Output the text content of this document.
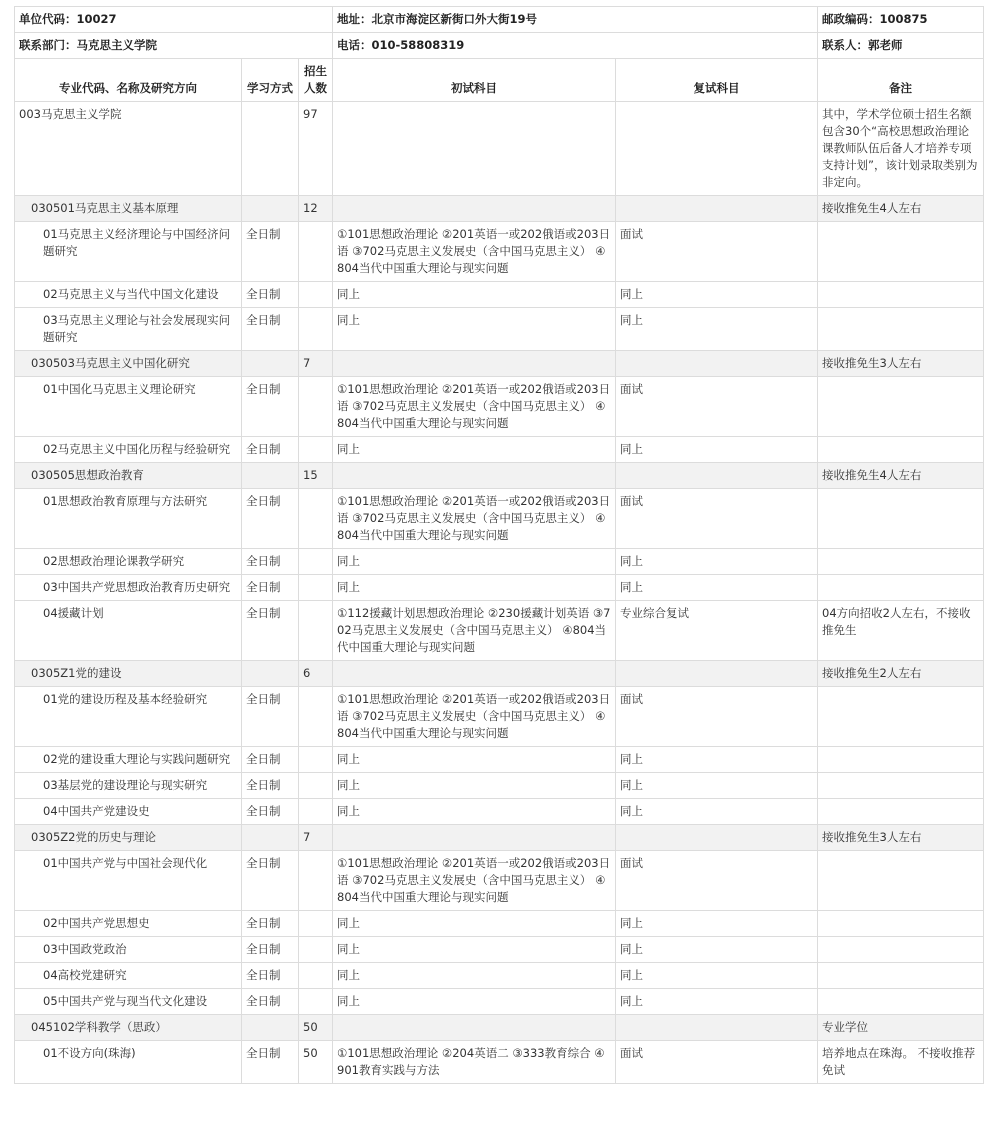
单位代码：10027			地址：北京市海淀区新街口外大街19号		邮政编码：100875
联系部门：马克思主义学院			电话：010-58808319		联系人：郭老师
专业代码、名称及研究方向	学习方式	招生人数	初试科目	复试科目	备注
003马克思主义学院		97			其中，学术学位硕士招生名额包含30个“高校思想政治理论课教师队伍后备人才培养专项支持计划”，该计划录取类别为非定向。
030501马克思主义基本原理		12			接收推免生4人左右
01马克思主义经济理论与中国经济问题研究	全日制		①101思想政治理论 ②201英语一或202俄语或203日语 ③702马克思主义发展史（含中国马克思主义） ④804当代中国重大理论与现实问题	面试	
02马克思主义与当代中国文化建设	全日制		同上	同上	
03马克思主义理论与社会发展现实问题研究	全日制		同上	同上	
030503马克思主义中国化研究		7			接收推免生3人左右
01中国化马克思主义理论研究	全日制		①101思想政治理论 ②201英语一或202俄语或203日语 ③702马克思主义发展史（含中国马克思主义） ④804当代中国重大理论与现实问题	面试	
02马克思主义中国化历程与经验研究	全日制		同上	同上	
030505思想政治教育		15			接收推免生4人左右
01思想政治教育原理与方法研究	全日制		①101思想政治理论 ②201英语一或202俄语或203日语 ③702马克思主义发展史（含中国马克思主义） ④804当代中国重大理论与现实问题	面试	
02思想政治理论课教学研究	全日制		同上	同上	
03中国共产党思想政治教育历史研究	全日制		同上	同上	
04援藏计划	全日制		①112援藏计划思想政治理论 ②230援藏计划英语 ③702马克思主义发展史（含中国马克思主义） ④804当代中国重大理论与现实问题	专业综合复试	04方向招收2人左右，不接收推免生
0305Z1党的建设		6			接收推免生2人左右
01党的建设历程及基本经验研究	全日制		①101思想政治理论 ②201英语一或202俄语或203日语 ③702马克思主义发展史（含中国马克思主义） ④804当代中国重大理论与现实问题	面试	
02党的建设重大理论与实践问题研究	全日制		同上	同上	
03基层党的建设理论与现实研究	全日制		同上	同上	
04中国共产党建设史	全日制		同上	同上	
0305Z2党的历史与理论		7			接收推免生3人左右
01中国共产党与中国社会现代化	全日制		①101思想政治理论 ②201英语一或202俄语或203日语 ③702马克思主义发展史（含中国马克思主义） ④804当代中国重大理论与现实问题	面试	
02中国共产党思想史	全日制		同上	同上	
03中国政党政治	全日制		同上	同上	
04高校党建研究	全日制		同上	同上	
05中国共产党与现当代文化建设	全日制		同上	同上	
045102学科教学（思政）		50			专业学位
01不设方向(珠海)	全日制	50	①101思想政治理论 ②204英语二 ③333教育综合 ④901教育实践与方法	面试	培养地点在珠海。 不接收推荐免试
